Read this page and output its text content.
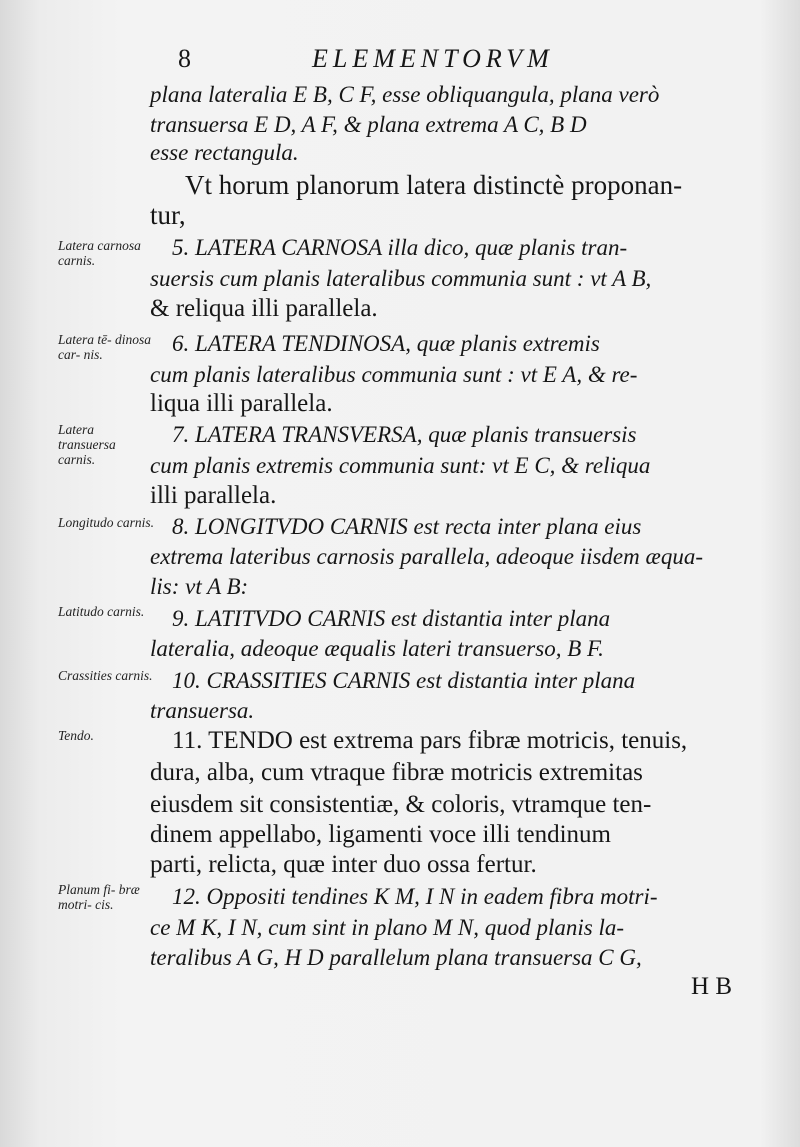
8	ELEMENTORVM
Latera carnosa carnis.
Latera tē- dinosa car- nis.
Latera transuersa carnis.
Longitudo carnis.
Latitudo carnis.
Crassities carnis.
Tendo.
Planum fi- bræ motri- cis.
plana lateralia E B, C F, esse obliquangula, plana verò
transuersa E D, A F, & plana extrema A C, B D
esse rectangula.
Vt horum planorum latera distinctè proponan-
tur,
5. LATERA CARNOSA illa dico, quæ planis tran-
suersis cum planis lateralibus communia sunt : vt A B,
& reliqua illi parallela.
6. LATERA TENDINOSA, quæ planis extremis
cum planis lateralibus communia sunt : vt E A, & re-
liqua illi parallela.
7. LATERA TRANSVERSA, quæ planis transuersis
cum planis extremis communia sunt: vt E C, & reliqua
illi parallela.
8. LONGITVDO CARNIS est recta inter plana eius
extrema lateribus carnosis parallela, adeoque iisdem æqua-
lis: vt A B:
9. LATITVDO CARNIS est distantia inter plana
lateralia, adeoque æqualis lateri transuerso, B F.
10. CRASSITIES CARNIS est distantia inter plana
transuersa.
11. TENDO est extrema pars fibræ motricis, tenuis,
dura, alba, cum vtraque fibræ motricis extremitas
eiusdem sit consistentiæ, & coloris, vtramque ten-
dinem appellabo, ligamenti voce illi tendinum
parti, relicta, quæ inter duo ossa fertur.
12. Oppositi tendines K M, I N in eadem fibra motri-
ce M K, I N, cum sint in plano M N, quod planis la-
teralibus A G, H D parallelum plana transuersa C G,
H B
